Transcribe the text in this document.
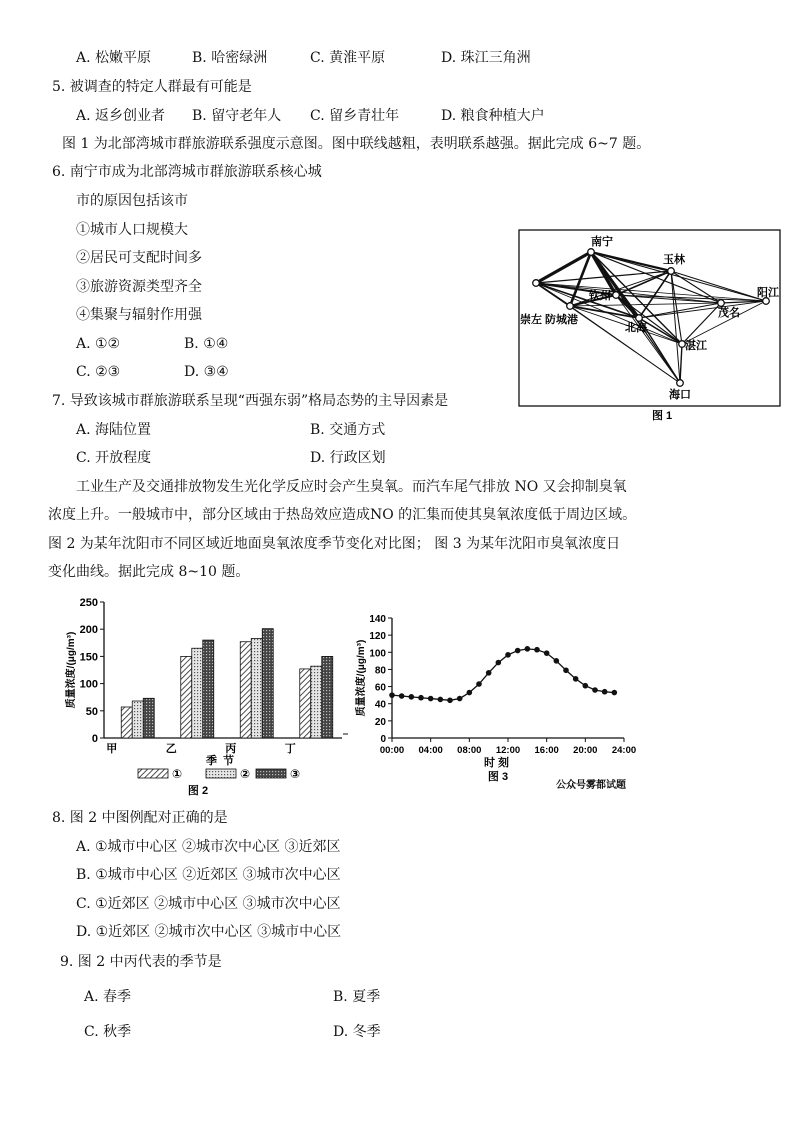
A. 松嫩平原	B. 哈密绿洲	C. 黄淮平原	D. 珠江三角洲
5. 被调查的特定人群最有可能是
A. 返乡创业者 B. 留守老年人 C. 留乡青壮年	D. 粮食种植大户
图 1 为北部湾城市群旅游联系强度示意图。图中联线越粗，表明联系越强。据此完成 6~7 题。
6. 南宁市成为北部湾城市群旅游联系核心城
市的原因包括该市
①城市人口规模大
②居民可支配时间多
③旅游资源类型齐全
④集聚与辐射作用强
A. ①②	B. ①④
C. ②③	D. ③④
南宁
玉林
崇左
钦州	阳江
防城港
北海
茂名
湛江
海口
图 1
7. 导致该城市群旅游联系呈现“西强东弱”格局态势的主导因素是
A. 海陆位置	B. 交通方式
C. 开放程度	D. 行政区划
工业生产及交通排放物发生光化学反应时会产生臭氧。而汽车尾气排放 NO 又会抑制臭氧
浓度上升。一般城市中，部分区域由于热岛效应造成NO 的汇集而使其臭氧浓度低于周边区域。
图 2 为某年沈阳市不同区域近地面臭氧浓度季节变化对比图； 图 3 为某年沈阳市臭氧浓度日
变化曲线。据此完成 8~10 题。
0
50
100
150
200
250
质量浓度/(μg/m³)
甲	乙	丙	丁
季节
①	②	③
图 2
0
20
40
60
80
100
120
140
00:00 04:00 08:00 12:00 16:00 20:00 24:00
质量浓度/(μg/m³)
时刻
图 3
公众号雾都试题
8. 图 2 中图例配对正确的是
A. ①城市中心区 ②城市次中心区 ③近郊区
B. ①城市中心区 ②近郊区 ③城市次中心区
C. ①近郊区 ②城市中心区 ③城市次中心区
D. ①近郊区 ②城市次中心区 ③城市中心区
9. 图 2 中丙代表的季节是
A. 春季	B. 夏季
C. 秋季	D. 冬季
